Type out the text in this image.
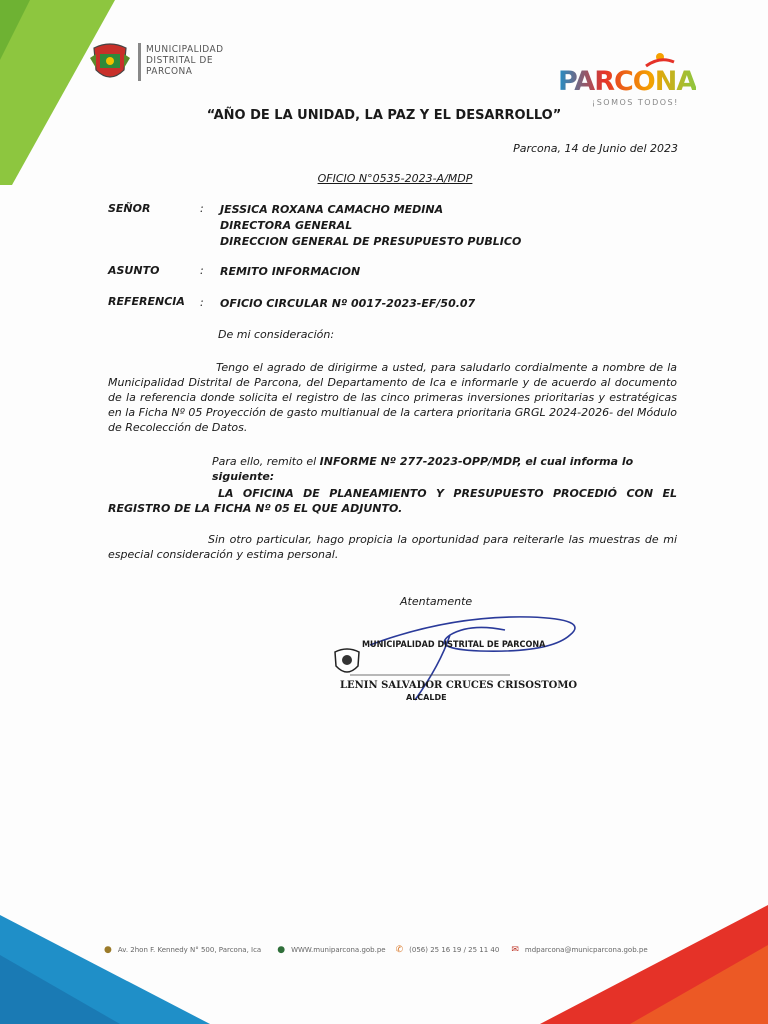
MUNICIPALIDAD DISTRITAL DE PARCONA	PARCONA
¡SOMOS TODOS!
“AÑO DE LA UNIDAD, LA PAZ Y EL DESARROLLO”
Parcona, 14 de Junio del 2023
OFICIO N°0535-2023-A/MDP
SEÑOR	: JESSICA ROXANA CAMACHO MEDINA
DIRECTORA GENERAL
DIRECCION GENERAL DE PRESUPUESTO PUBLICO
ASUNTO	: REMITO INFORMACION
REFERENCIA : OFICIO CIRCULAR Nº 0017-2023-EF/50.07
De mi consideración:
Tengo el agrado de dirigirme a usted, para saludarlo cordialmente a nombre de la Municipalidad Distrital de Parcona, del Departamento de Ica e informarle y de acuerdo al documento de la referencia donde solicita el registro de las cinco primeras inversiones prioritarias y estratégicas en la Ficha Nº 05 Proyección de gasto multianual de la cartera prioritaria GRGL 2024-2026- del Módulo de Recolección de Datos.
Para ello, remito el INFORME Nº 277-2023-OPP/MDP, el cual informa lo siguiente:
LA OFICINA DE PLANEAMIENTO Y PRESUPUESTO PROCEDIÓ CON EL REGISTRO DE LA FICHA Nº 05 EL QUE ADJUNTO.
Sin otro particular, hago propicia la oportunidad para reiterarle las muestras de mi especial consideración y estima personal.
Atentamente
MUNICIPALIDAD DISTRITAL DE PARCONA
LENIN SALVADOR CRUCES CRISOSTOMO
ALCALDE
● Av. 2hon F. Kennedy N° 500, Parcona, Ica ● WWW.muniparcona.gob.pe ✆ (056) 25 16 19 / 25 11 40 ✉ mdparcona@municparcona.gob.pe
